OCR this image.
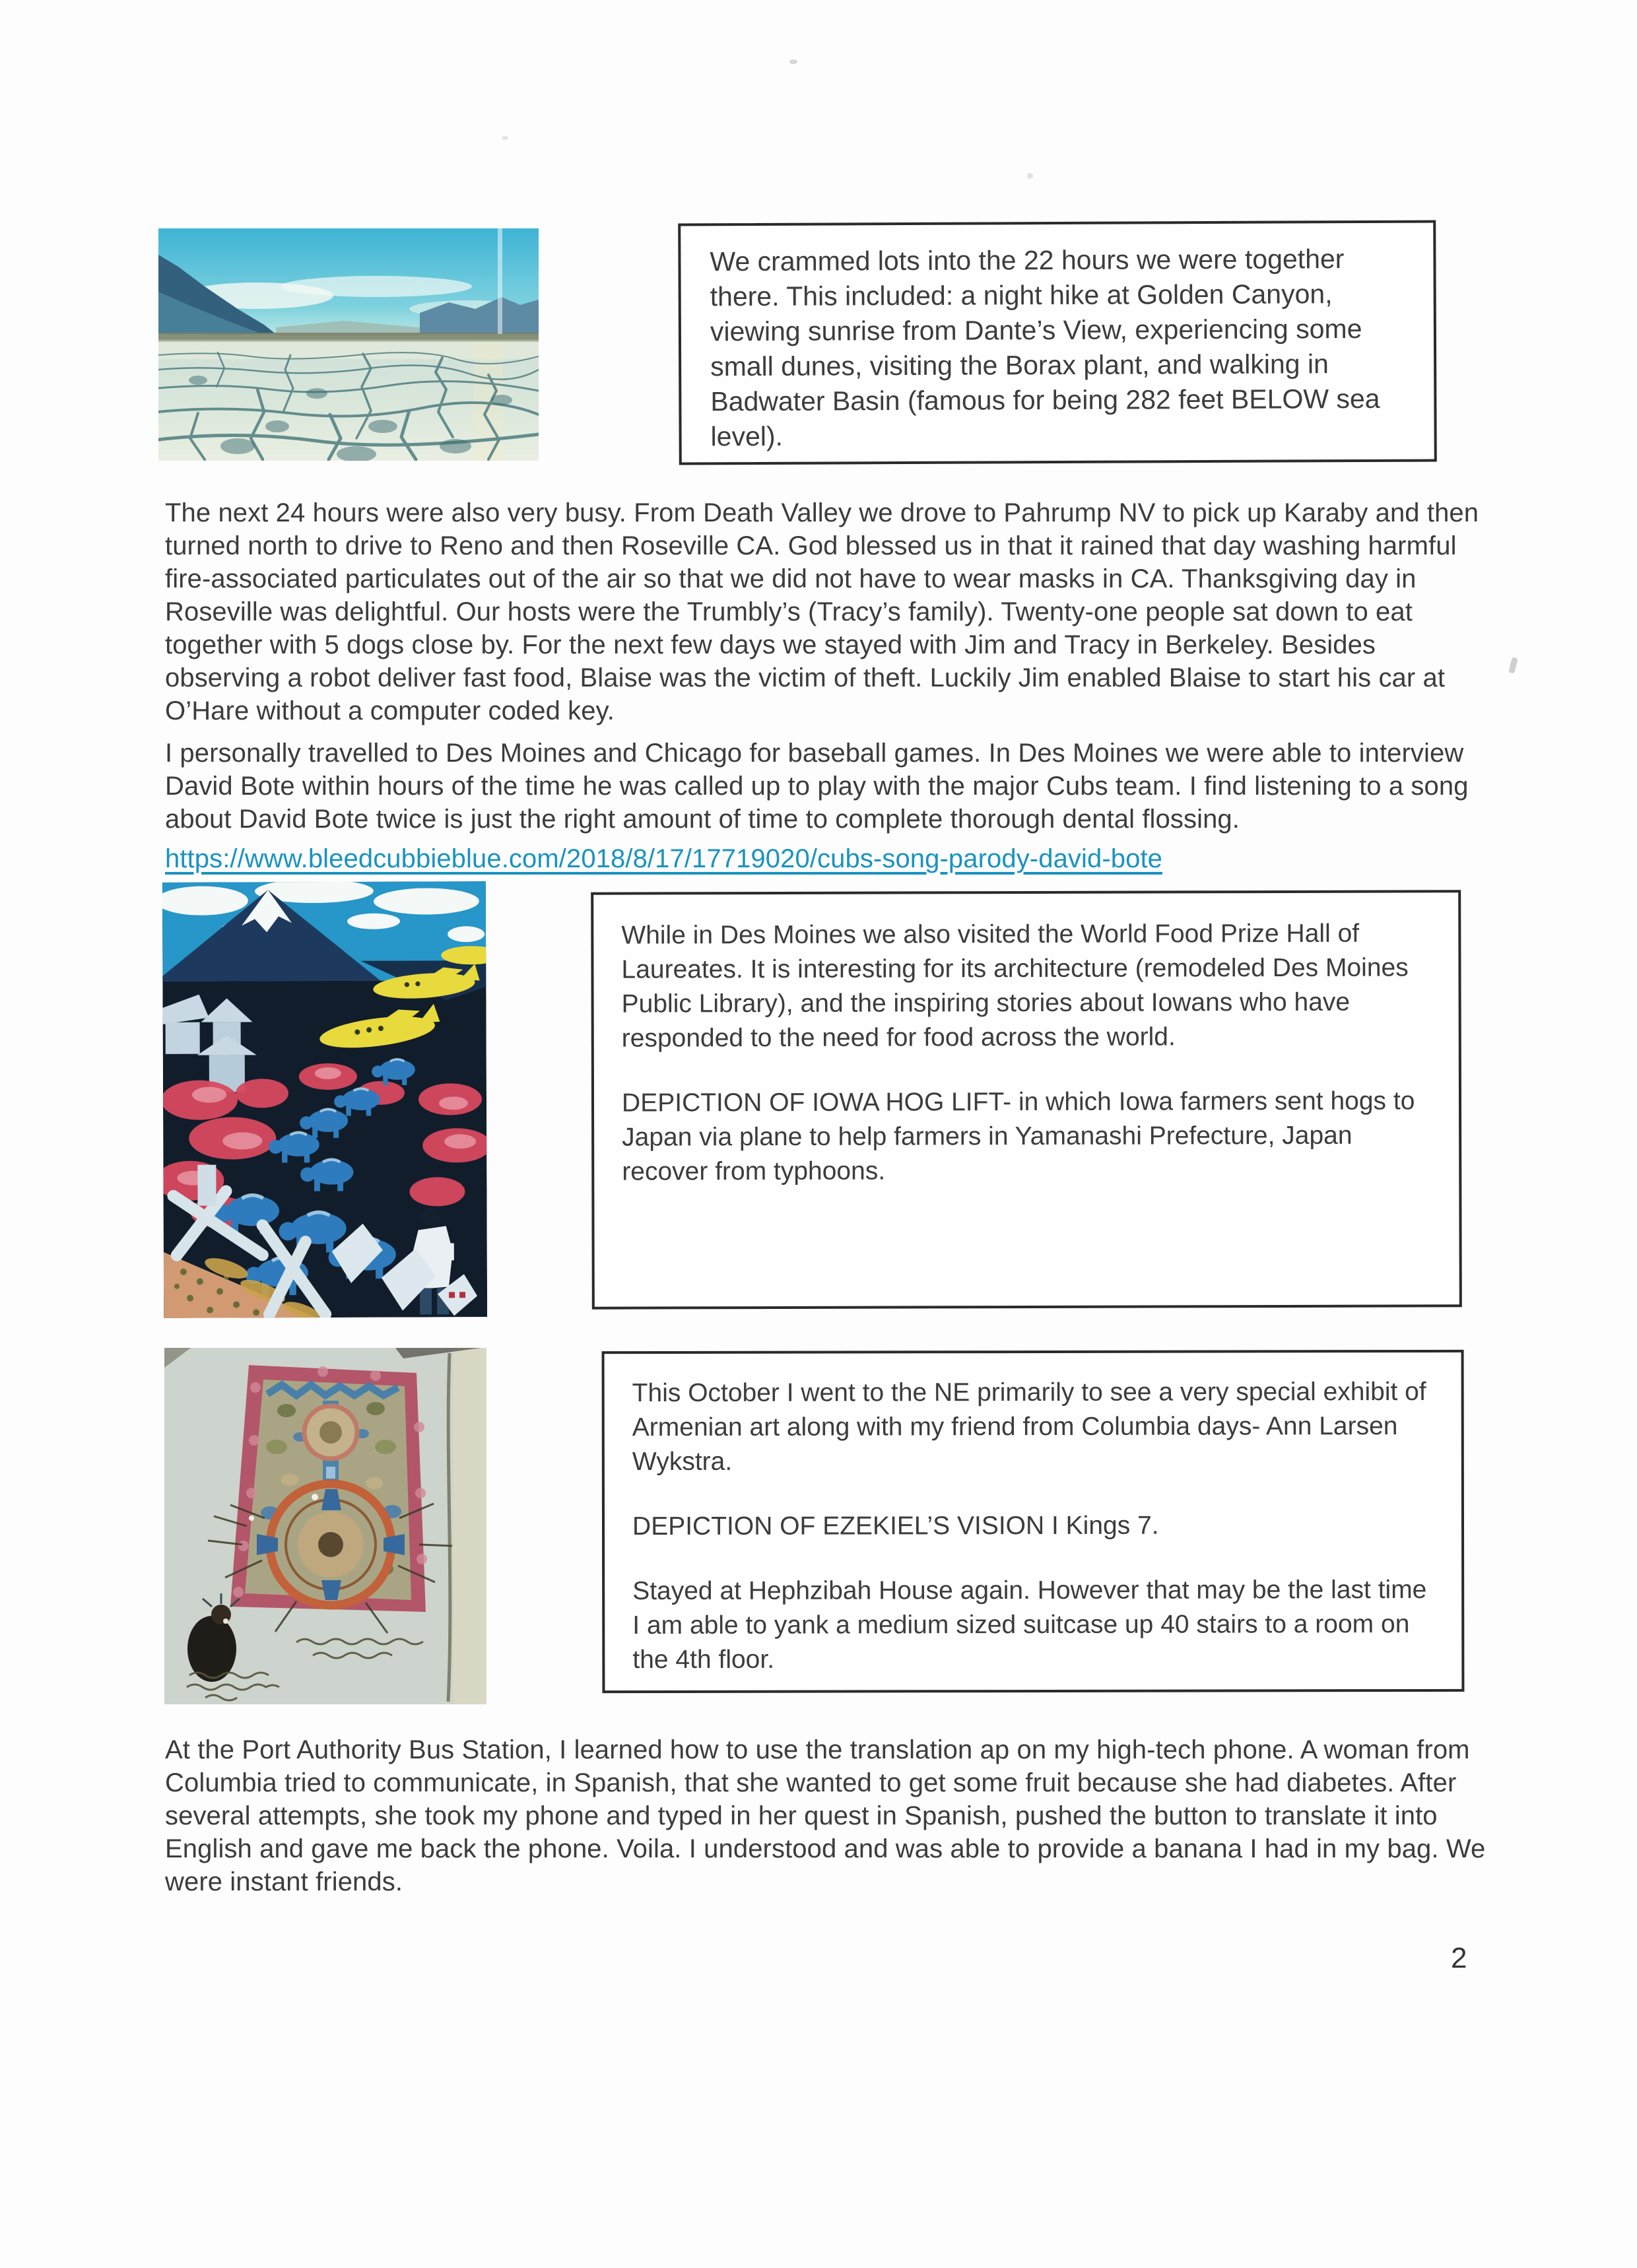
We crammed lots into the 22 hours we were together there. This included: a night hike at Golden Canyon, viewing sunrise from Dante’s View, experiencing some small dunes, visiting the Borax plant, and walking in Badwater Basin (famous for being 282 feet BELOW sea level).

The next 24 hours were also very busy. From Death Valley we drove to Pahrump NV to pick up Karaby and then turned north to drive to Reno and then Roseville CA. God blessed us in that it rained that day washing harmful fire-associated particulates out of the air so that we did not have to wear masks in CA. Thanksgiving day in Roseville was delightful. Our hosts were the Trumbly’s (Tracy’s family). Twenty-one people sat down to eat together with 5 dogs close by. For the next few days we stayed with Jim and Tracy in Berkeley. Besides observing a robot deliver fast food, Blaise was the victim of theft. Luckily Jim enabled Blaise to start his car at O’Hare without a computer coded key.
I personally travelled to Des Moines and Chicago for baseball games. In Des Moines we were able to interview David Bote within hours of the time he was called up to play with the major Cubs team. I find listening to a song about David Bote twice is just the right amount of time to complete thorough dental flossing.
https://www.bleedcubbieblue.com/2018/8/17/17719020/cubs-song-parody-david-bote

While in Des Moines we also visited the World Food Prize Hall of Laureates. It is interesting for its architecture (remodeled Des Moines Public Library), and the inspiring stories about Iowans who have responded to the need for food across the world.

DEPICTION OF IOWA HOG LIFT- in which Iowa farmers sent hogs to Japan via plane to help farmers in Yamanashi Prefecture, Japan recover from typhoons.

This October I went to the NE primarily to see a very special exhibit of Armenian art along with my friend from Columbia days- Ann Larsen Wykstra.

DEPICTION OF EZEKIEL’S VISION I Kings 7.

Stayed at Hephzibah House again. However that may be the last time I am able to yank a medium sized suitcase up 40 stairs to a room on the 4th floor.

At the Port Authority Bus Station, I learned how to use the translation ap on my high-tech phone. A woman from Columbia tried to communicate, in Spanish, that she wanted to get some fruit because she had diabetes. After several attempts, she took my phone and typed in her quest in Spanish, pushed the button to translate it into English and gave me back the phone. Voila. I understood and was able to provide a banana I had in my bag. We were instant friends.
2
